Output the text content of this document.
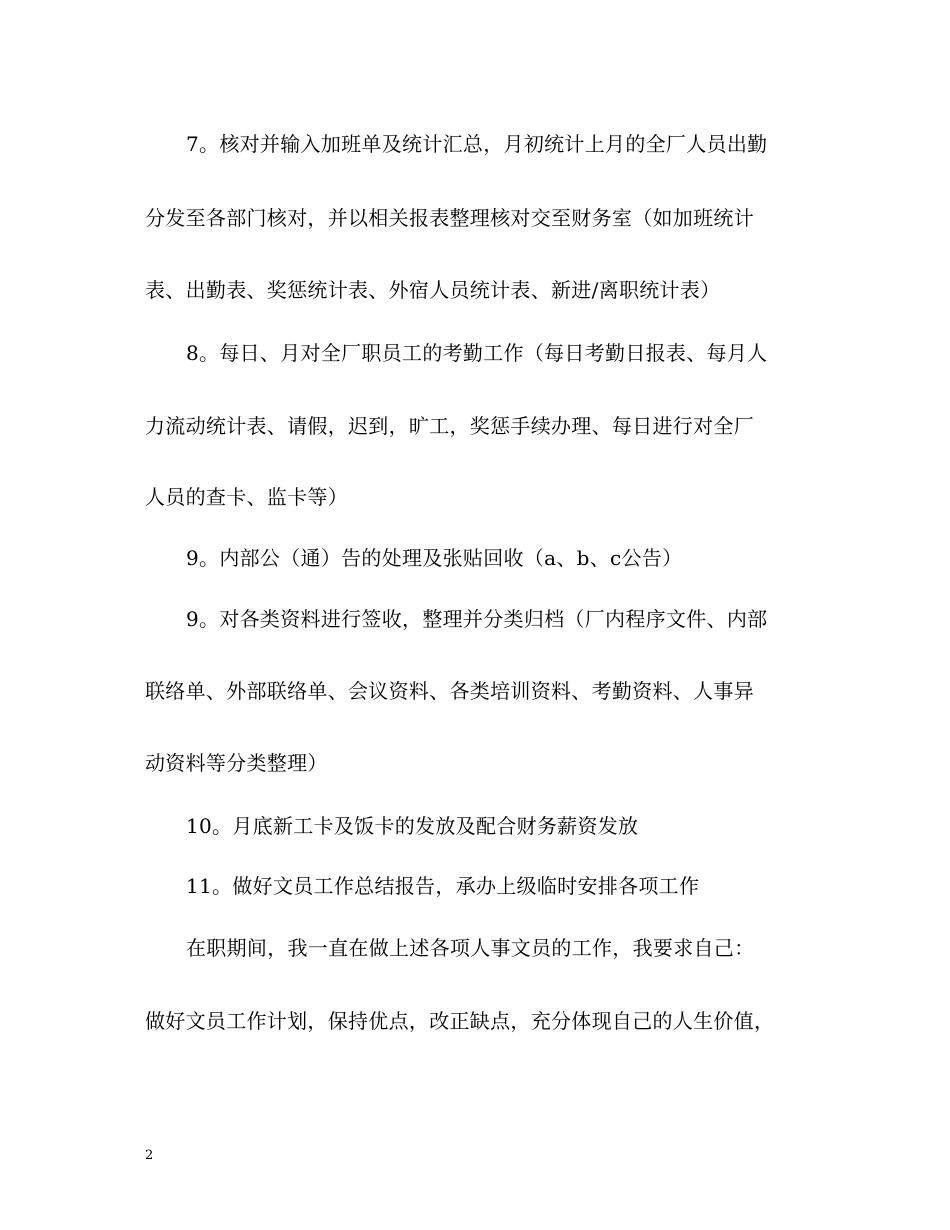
7。核对并输入加班单及统计汇总，月初统计上月的全厂人员出勤
分发至各部门核对，并以相关报表整理核对交至财务室（如加班统计
表、出勤表、奖惩统计表、外宿人员统计表、新进/离职统计表）
8。每日、月对全厂职员工的考勤工作（每日考勤日报表、每月人
力流动统计表、请假，迟到，旷工，奖惩手续办理、每日进行对全厂
人员的查卡、监卡等）
9。内部公（通）告的处理及张贴回收（a、b、c公告）
9。对各类资料进行签收，整理并分类归档（厂内程序文件、内部
联络单、外部联络单、会议资料、各类培训资料、考勤资料、人事异
动资料等分类整理）
10。月底新工卡及饭卡的发放及配合财务薪资发放
11。做好文员工作总结报告，承办上级临时安排各项工作
在职期间，我一直在做上述各项人事文员的工作，我要求自己：
做好文员工作计划，保持优点，改正缺点，充分体现自己的人生价值，
2
